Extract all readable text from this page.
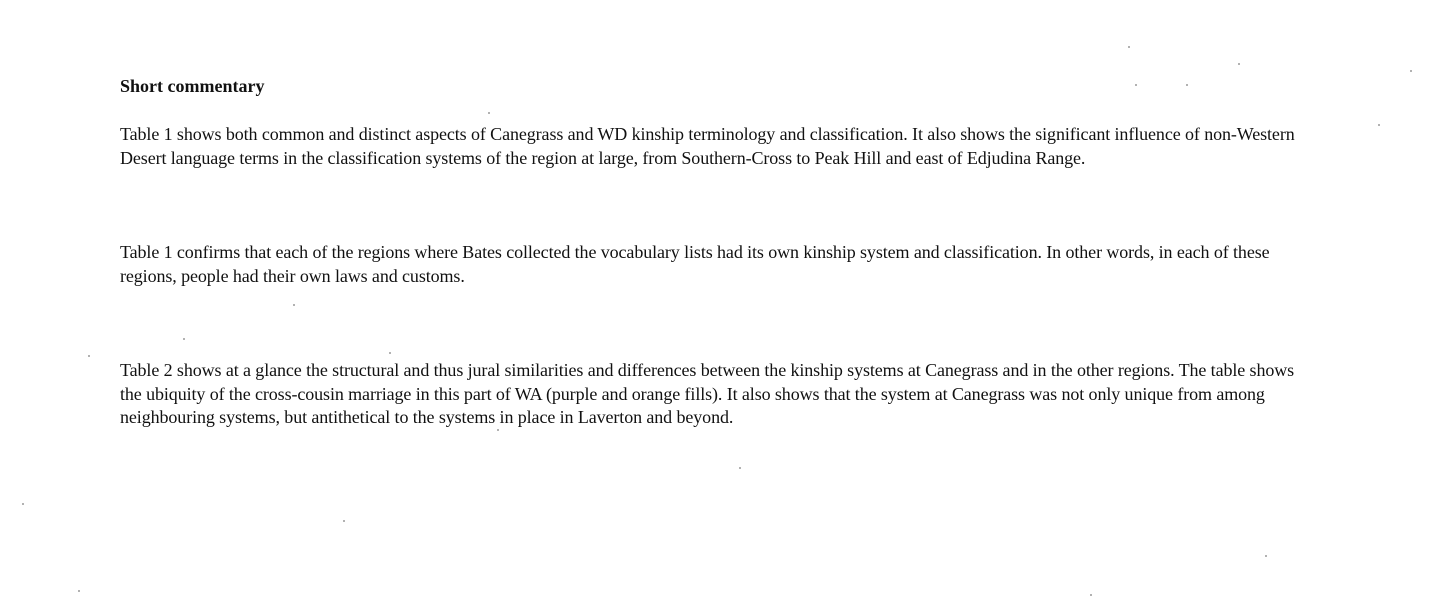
Short commentary

Table 1 shows both common and distinct aspects of Canegrass and WD kinship terminology and classification. It also shows the significant influence of non-Western Desert language terms in the classification systems of the region at large, from Southern-Cross to Peak Hill and east of Edjudina Range.

Table 1 confirms that each of the regions where Bates collected the vocabulary lists had its own kinship system and classification. In other words, in each of these regions, people had their own laws and customs.

Table 2 shows at a glance the structural and thus jural similarities and differences between the kinship systems at Canegrass and in the other regions. The table shows the ubiquity of the cross-cousin marriage in this part of WA (purple and orange fills). It also shows that the system at Canegrass was not only unique from among neighbouring systems, but antithetical to the systems in place in Laverton and beyond.
